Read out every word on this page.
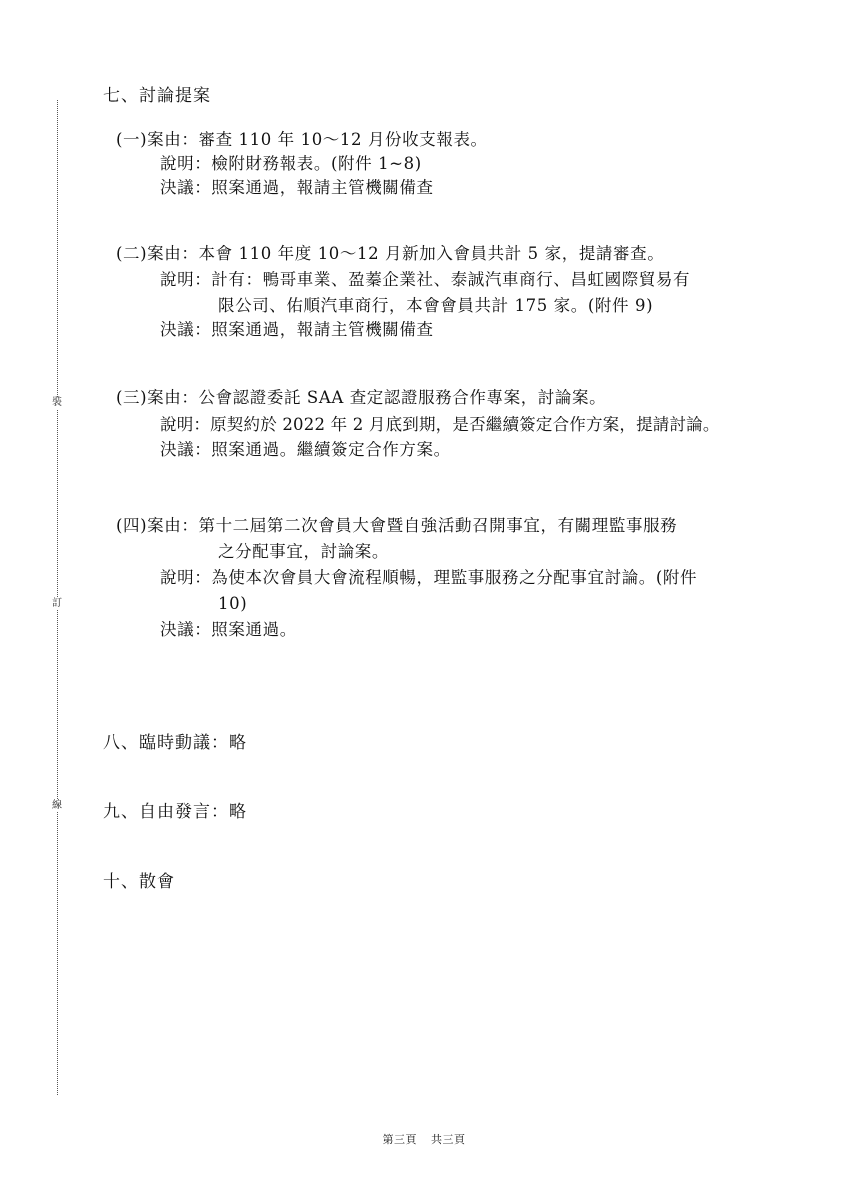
裝
訂
線
七、討論提案
(一)案由：審查 110 年 10～12 月份收支報表。
說明：檢附財務報表。(附件 1~8)
決議：照案通過，報請主管機關備查
(二)案由：本會 110 年度 10～12 月新加入會員共計 5 家，提請審查。
說明：計有：鴨哥車業、盈蓁企業社、泰誠汽車商行、昌虹國際貿易有
限公司、佑順汽車商行，本會會員共計 175 家。(附件 9)
決議：照案通過，報請主管機關備查
(三)案由：公會認證委託 SAA 查定認證服務合作專案，討論案。
說明：原契約於 2022 年 2 月底到期，是否繼續簽定合作方案，提請討論。
決議：照案通過。繼續簽定合作方案。
(四)案由：第十二屆第二次會員大會暨自強活動召開事宜，有關理監事服務
之分配事宜，討論案。
說明：為使本次會員大會流程順暢，理監事服務之分配事宜討論。(附件
10)
決議：照案通過。
八、臨時動議：略
九、自由發言：略
十、散會
第三頁 共三頁
